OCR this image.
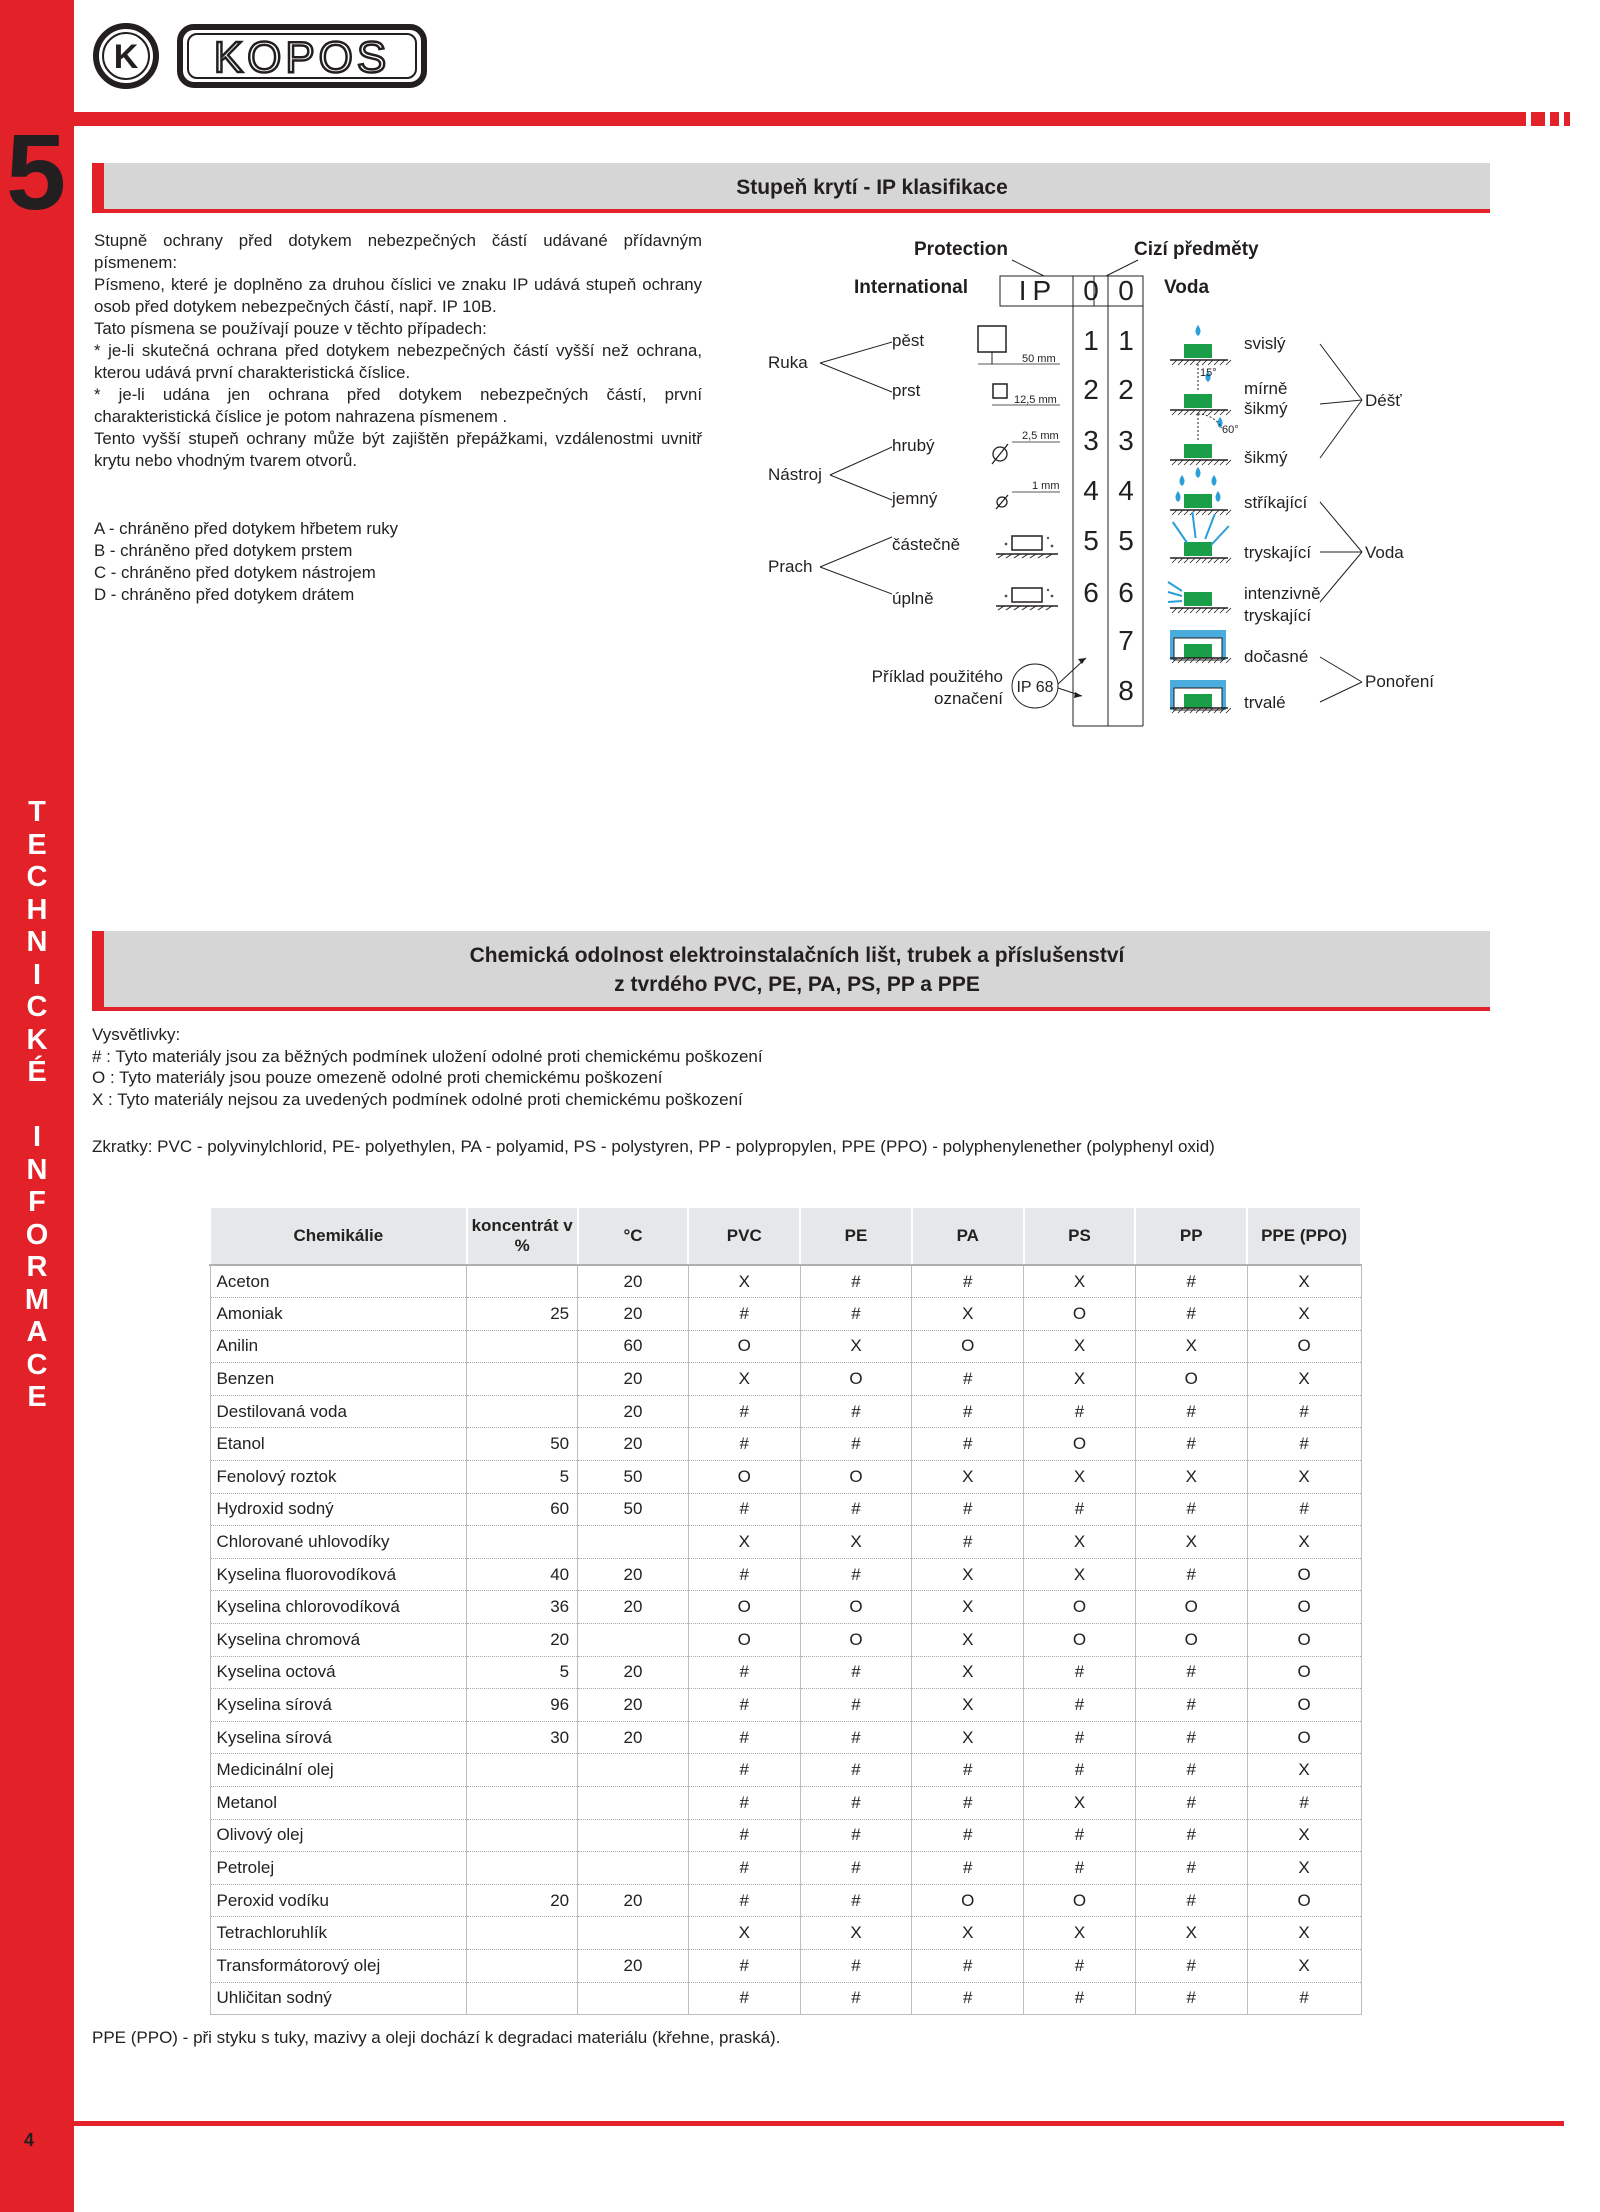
5
T
E
C
H
N
I
C
K
É

I
N
F
O
R
M
A
C
E
4
K KOPOS
Stupeň krytí - IP klasifikace

Stupně ochrany před dotykem nebezpečných částí udávané přídavným písmenem:

Písmeno, které je doplněno za druhou číslici ve znaku IP udává stupeň ochrany osob před dotykem nebezpečných částí, např. IP 10B.

Tato písmena se používají pouze v těchto případech:

* je-li skutečná ochrana před dotykem nebezpečných částí vyšší než ochrana, kterou udává první charakteristická číslice.

* je-li udána jen ochrana před dotykem nebezpečných částí, první charakteristická číslice je potom nahrazena písmenem .

Tento vyšší stupeň ochrany může být zajištěn přepážkami, vzdálenostmi uvnitř krytu nebo vhodným tvarem otvorů.

A - chráněno před dotykem hřbetem ruky

B - chráněno před dotykem prstem

C - chráněno před dotykem nástrojem

D - chráněno před dotykem drátem

Protection	Cizí předměty
International	Voda
IP 0
1
2
3
4
5
6
0
1
2
3
4
5
6
7
8
Ruka
Nástroj
Prach
pěst
prst
hrubý
jemný
částečně
úplně
50 mm
12,5 mm
2,5 mm
1 mm
15°
60°
svislý
mírně
šikmý
šikmý
stříkající
tryskající
intenzivně
tryskající
dočasné
trvalé
Déšť
Voda
Ponoření
Příklad použitého
označení
IP 68
Chemická odolnost elektroinstalačních lišt, trubek a příslušenství
z tvrdého PVC, PE, PA, PS, PP a PPE

Vysvětlivky:

# : Tyto materiály jsou za běžných podmínek uložení odolné proti chemickému poškození

O : Tyto materiály jsou pouze omezeně odolné proti chemickému poškození

X : Tyto materiály nejsou za uvedených podmínek odolné proti chemickému poškození

Zkratky: PVC - polyvinylchlorid, PE- polyethylen, PA - polyamid, PS - polystyren, PP - polypropylen, PPE (PPO) - polyphenylenether (polyphenyl oxid)

Chemikálie	koncentrát v %	°C	PVC	PE	PA	PS	PP	PPE (PPO)
Aceton		20	X	#	#	X	#	X
Amoniak	25	20	#	#	X	O	#	X
Anilin		60	O	X	O	X	X	O
Benzen		20	X	O	#	X	O	X
Destilovaná voda		20	#	#	#	#	#	#
Etanol	50	20	#	#	#	O	#	#
Fenolový roztok	5	50	O	O	X	X	X	X
Hydroxid sodný	60	50	#	#	#	#	#	#
Chlorované uhlovodíky			X	X	#	X	X	X
Kyselina fluorovodíková	40	20	#	#	X	X	#	O
Kyselina chlorovodíková	36	20	O	O	X	O	O	O
Kyselina chromová	20		O	O	X	O	O	O
Kyselina octová	5	20	#	#	X	#	#	O
Kyselina sírová	96	20	#	#	X	#	#	O
Kyselina sírová	30	20	#	#	X	#	#	O
Medicinální olej			#	#	#	#	#	X
Metanol			#	#	#	X	#	#
Olivový olej			#	#	#	#	#	X
Petrolej			#	#	#	#	#	X
Peroxid vodíku	20	20	#	#	O	O	#	O
Tetrachloruhlík			X	X	X	X	X	X
Transformátorový olej		20	#	#	#	#	#	X
Uhličitan sodný			#	#	#	#	#	#

PPE (PPO) - při styku s tuky, mazivy a oleji dochází k degradaci materiálu (křehne, praská).
